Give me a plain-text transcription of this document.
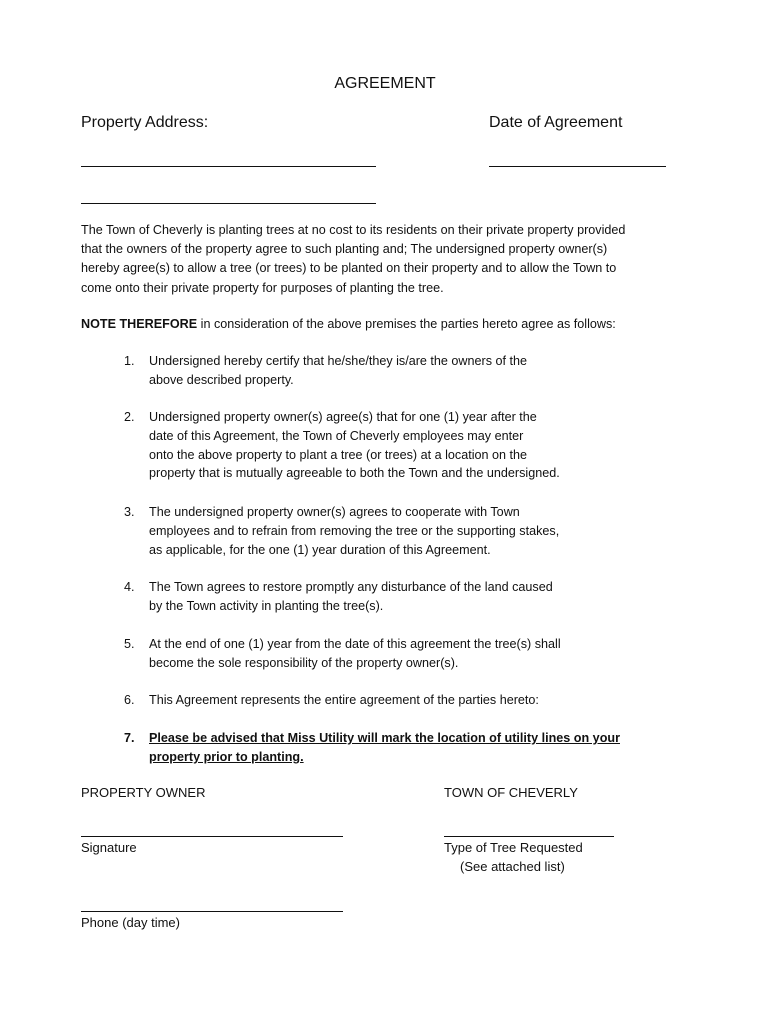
AGREEMENT
Property Address:	Date of Agreement
The Town of Cheverly is planting trees at no cost to its residents on their private property provided
that the owners of the property agree to such planting and; The undersigned property owner(s)
hereby agree(s) to allow a tree (or trees) to be planted on their property and to allow the Town to
come onto their private property for purposes of planting the tree.
NOTE THEREFORE in consideration of the above premises the parties hereto agree as follows:
1. Undersigned hereby certify that he/she/they is/are the owners of the
above described property.
2. Undersigned property owner(s) agree(s) that for one (1) year after the
date of this Agreement, the Town of Cheverly employees may enter
onto the above property to plant a tree (or trees) at a location on the
property that is mutually agreeable to both the Town and the undersigned.
3. The undersigned property owner(s) agrees to cooperate with Town
employees and to refrain from removing the tree or the supporting stakes,
as applicable, for the one (1) year duration of this Agreement.
4. The Town agrees to restore promptly any disturbance of the land caused
by the Town activity in planting the tree(s).
5. At the end of one (1) year from the date of this agreement the tree(s) shall
become the sole responsibility of the property owner(s).
6. This Agreement represents the entire agreement of the parties hereto:
7. Please be advised that Miss Utility will mark the location of utility lines on your
property prior to planting.
PROPERTY OWNER	TOWN OF CHEVERLY
Signature	Type of Tree Requested
(See attached list)
Phone (day time)
